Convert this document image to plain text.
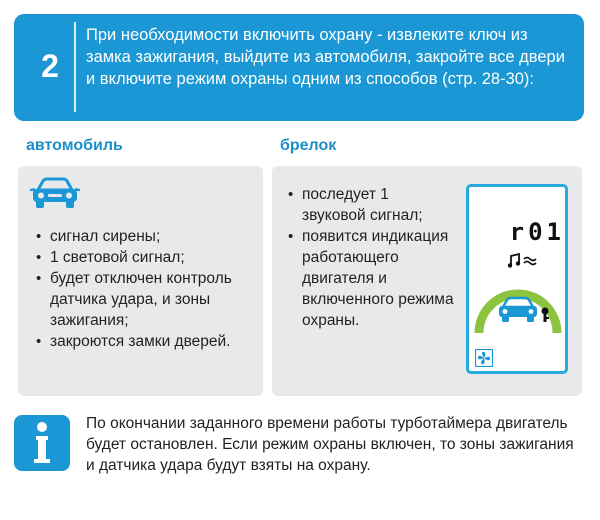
2
При необходимости включить охрану - извлеките ключ из замка зажигания, выйдите из автомобиля, закройте все двери и включите режим охраны одним из способов (стр. 28-30):
автомобиль	брелок
• сигнал сирены;
• 1 световой сигнал;
• будет отключен контроль датчика удара, и зоны зажигания;
• закроются замки дверей.
• последует 1 звуковой сигнал;
• появится индикация работающего двигателя и включенного режима охраны.
r01
По окончании заданного времени работы турботаймера двигатель будет остановлен. Если режим охраны включен, то зоны зажигания и датчика удара будут взяты на охрану.
